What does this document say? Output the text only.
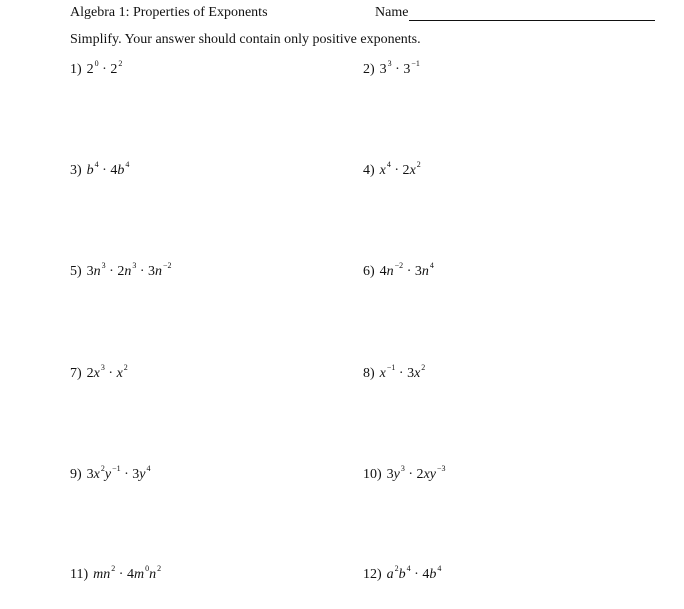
Algebra 1: Properties of Exponents	Name
Simplify. Your answer should contain only positive exponents.
1) $2^0 \cdot 2^2$	2) $3^3 \cdot 3^{-1}$
3) $b^4 \cdot 4b^4$	4) $x^4 \cdot 2x^2$
5) $3n^3 \cdot 2n^3 \cdot 3n^{-2}$	6) $4n^{-2} \cdot 3n^4$
7) $2x^3 \cdot x^2$	8) $x^{-1} \cdot 3x^2$
9) $3x^2y^{-1} \cdot 3y^4$	10) $3y^3 \cdot 2xy^{-3}$
11) $mn^2 \cdot 4m^0n^2$	12) $a^2b^4 \cdot 4b^4$
